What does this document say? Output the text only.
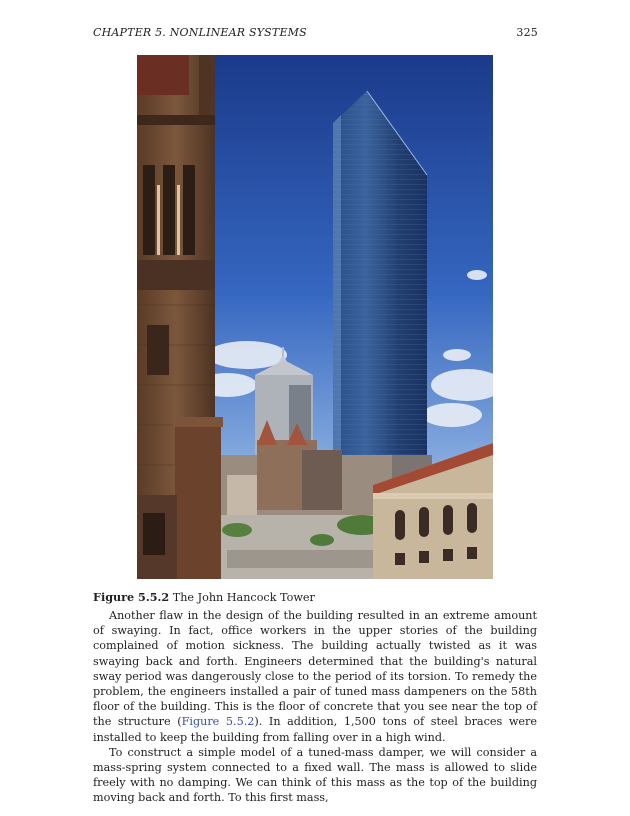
CHAPTER 5. NONLINEAR SYSTEMS	325
Figure 5.5.2 The John Hancock Tower

Another flaw in the design of the building resulted in an extreme amount of swaying. In fact, office workers in the upper stories of the building complained of motion sickness. The building actually twisted as it was swaying back and forth. Engineers determined that the building's natural sway period was dangerously close to the period of its torsion. To remedy the problem, the engineers installed a pair of tuned mass dampeners on the 58th floor of the building. This is the floor of concrete that you see near the top of the structure (Figure 5.5.2). In addition, 1,500 tons of steel braces were installed to keep the building from falling over in a high wind.

To construct a simple model of a tuned-mass damper, we will consider a mass-spring system connected to a fixed wall. The mass is allowed to slide freely with no damping. We can think of this mass as the top of the building moving back and forth. To this first mass,
